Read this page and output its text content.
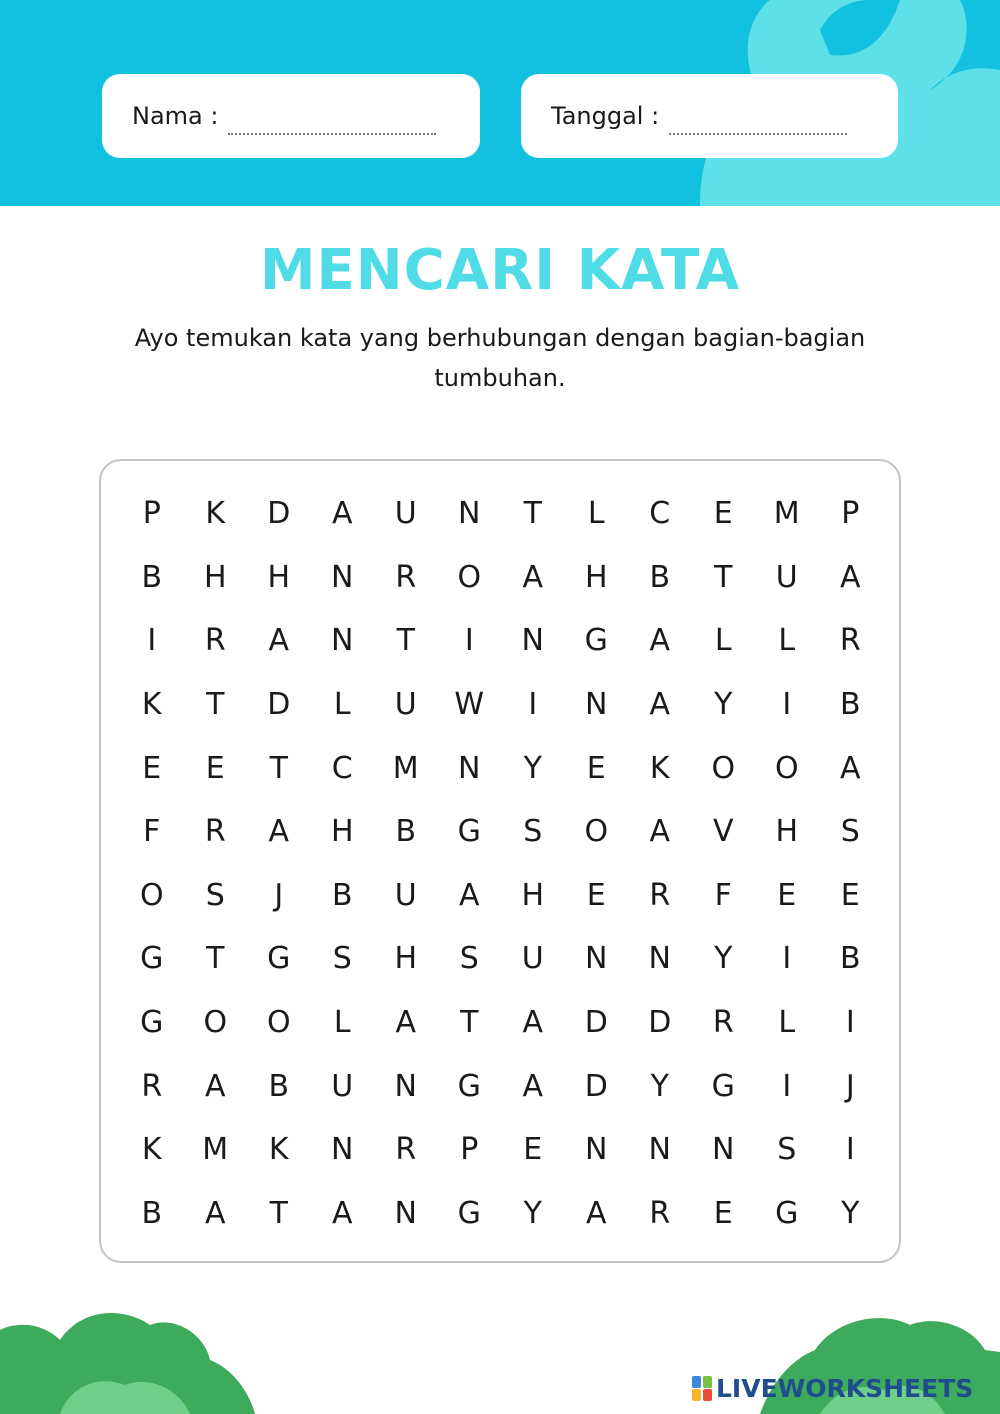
Nama :	Tanggal :
MENCARI KATA
Ayo temukan kata yang berhubungan dengan bagian-bagian tumbuhan.
P	K	D	A	U	N	T	L	C	E	M	P
B	H	H	N	R	O	A	H	B	T	U	A
I	R	A	N	T	I	N	G	A	L	L	R
K	T	D	L	U	W	I	N	A	Y	I	B
E	E	T	C	M	N	Y	E	K	O	O	A
F	R	A	H	B	G	S	O	A	V	H	S
O	S	J	B	U	A	H	E	R	F	E	E
G	T	G	S	H	S	U	N	N	Y	I	B
G	O	O	L	A	T	A	D	D	R	L	I
R	A	B	U	N	G	A	D	Y	G	I	J
K	M	K	N	R	P	E	N	N	N	S	I
B	A	T	A	N	G	Y	A	R	E	G	Y
LIVEWORKSHEETS
